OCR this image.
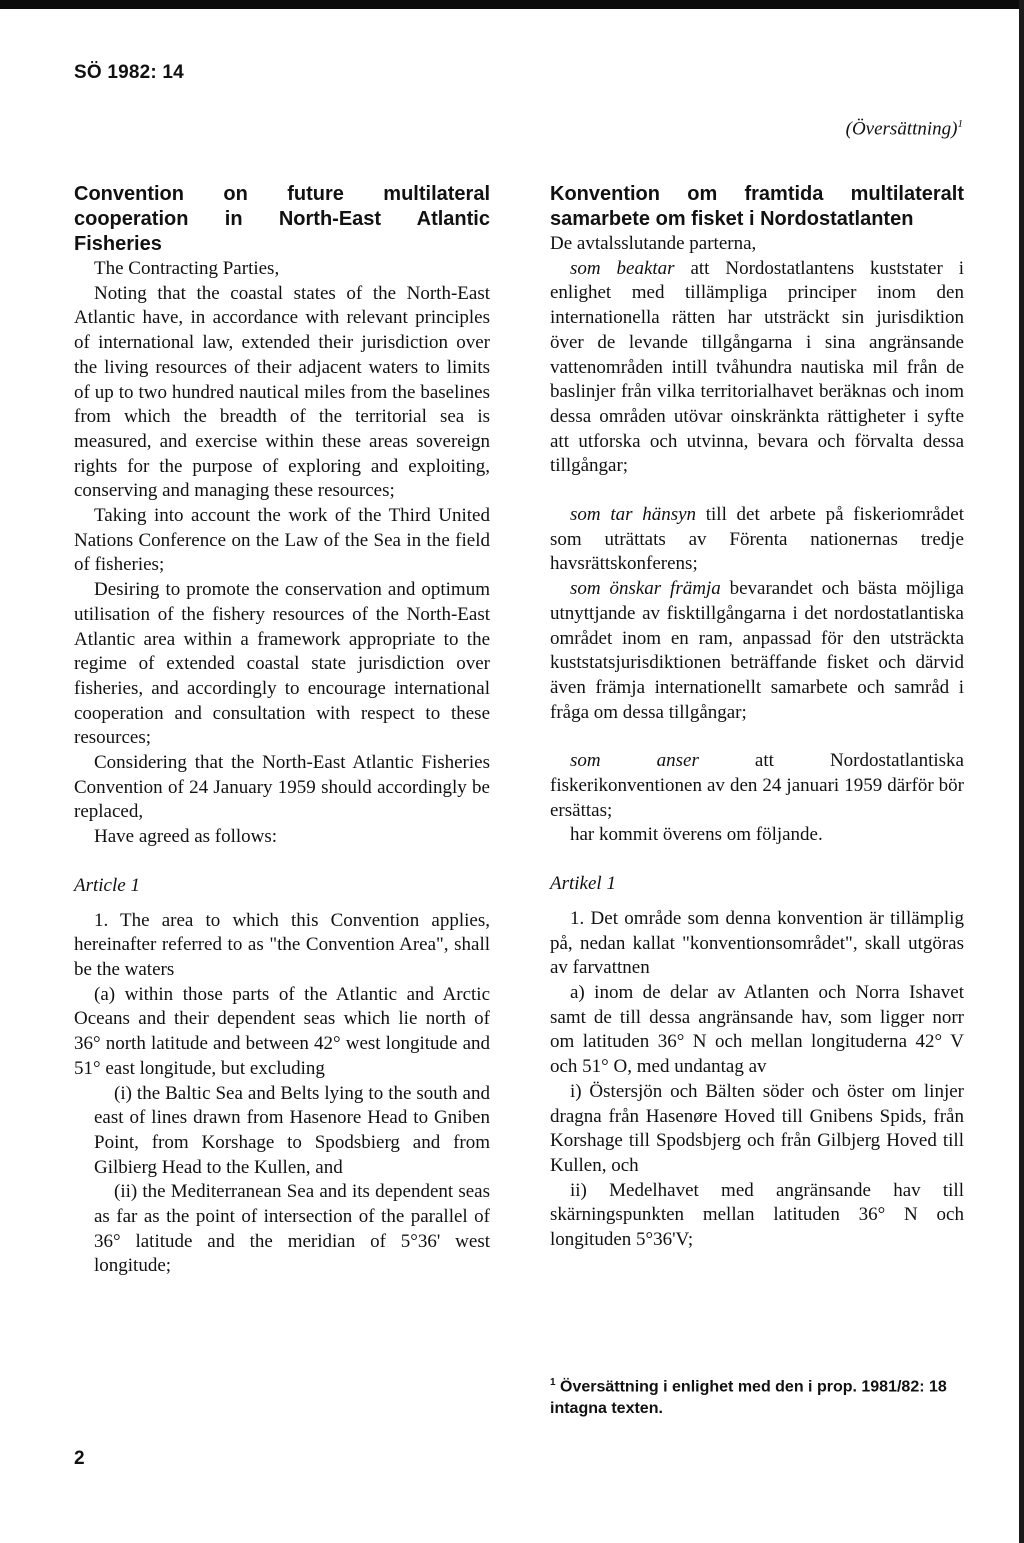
SÖ 1982: 14

(Översättning)$^1$

Convention on future multilateral cooperation in North-East Atlantic Fisheries

The Contracting Parties,

Noting that the coastal states of the North-East Atlantic have, in accordance with relevant principles of international law, extended their jurisdiction over the living resources of their adjacent waters to limits of up to two hundred nautical miles from the baselines from which the breadth of the territorial sea is measured, and exercise within these areas sovereign rights for the purpose of exploring and exploiting, conserving and managing these resources;

Taking into account the work of the Third United Nations Conference on the Law of the Sea in the field of fisheries;

Desiring to promote the conservation and optimum utilisation of the fishery resources of the North-East Atlantic area within a framework appropriate to the regime of extended coastal state jurisdiction over fisheries, and accordingly to encourage international cooperation and consultation with respect to these resources;

Considering that the North-East Atlantic Fisheries Convention of 24 January 1959 should accordingly be replaced,

Have agreed as follows:

Article 1

1. The area to which this Convention applies, hereinafter referred to as "the Convention Area", shall be the waters

(a) within those parts of the Atlantic and Arctic Oceans and their dependent seas which lie north of 36° north latitude and between 42° west longitude and 51° east longitude, but excluding

(i) the Baltic Sea and Belts lying to the south and east of lines drawn from Hasenore Head to Gniben Point, from Korshage to Spodsbierg and from Gilbierg Head to the Kullen, and

(ii) the Mediterranean Sea and its dependent seas as far as the point of intersection of the parallel of 36° latitude and the meridian of 5°36' west longitude;

Konvention om framtida multilateralt samarbete om fisket i Nordostatlanten

De avtalsslutande parterna,

som beaktar att Nordostatlantens kuststater i enlighet med tillämpliga principer inom den internationella rätten har utsträckt sin jurisdiktion över de levande tillgångarna i sina angränsande vattenområden intill tvåhundra nautiska mil från de baslinjer från vilka territorialhavet beräknas och inom dessa områden utövar oinskränkta rättigheter i syfte att utforska och utvinna, bevara och förvalta dessa tillgångar;

som tar hänsyn till det arbete på fiskeriområdet som uträttats av Förenta nationernas tredje havsrättskonferens;

som önskar främja bevarandet och bästa möjliga utnyttjande av fisktillgångarna i det nordostatlantiska området inom en ram, anpassad för den utsträckta kuststatsjurisdiktionen beträffande fisket och därvid även främja internationellt samarbete och samråd i fråga om dessa tillgångar;

som anser att Nordostatlantiska fiskerikonventionen av den 24 januari 1959 därför bör ersättas;

har kommit överens om följande.

Artikel 1

1. Det område som denna konvention är tillämplig på, nedan kallat "konventionsområdet", skall utgöras av farvattnen

a) inom de delar av Atlanten och Norra Ishavet samt de till dessa angränsande hav, som ligger norr om latituden 36° N och mellan longituderna 42° V och 51° O, med undantag av

i) Östersjön och Bälten söder och öster om linjer dragna från Hasenøre Hoved till Gnibens Spids, från Korshage till Spodsbjerg och från Gilbjerg Hoved till Kullen, och

ii) Medelhavet med angränsande hav till skärningspunkten mellan latituden 36° N och longituden 5°36'V;

$^1$ Översättning i enlighet med den i prop. 1981/82: 18 intagna texten.

2
